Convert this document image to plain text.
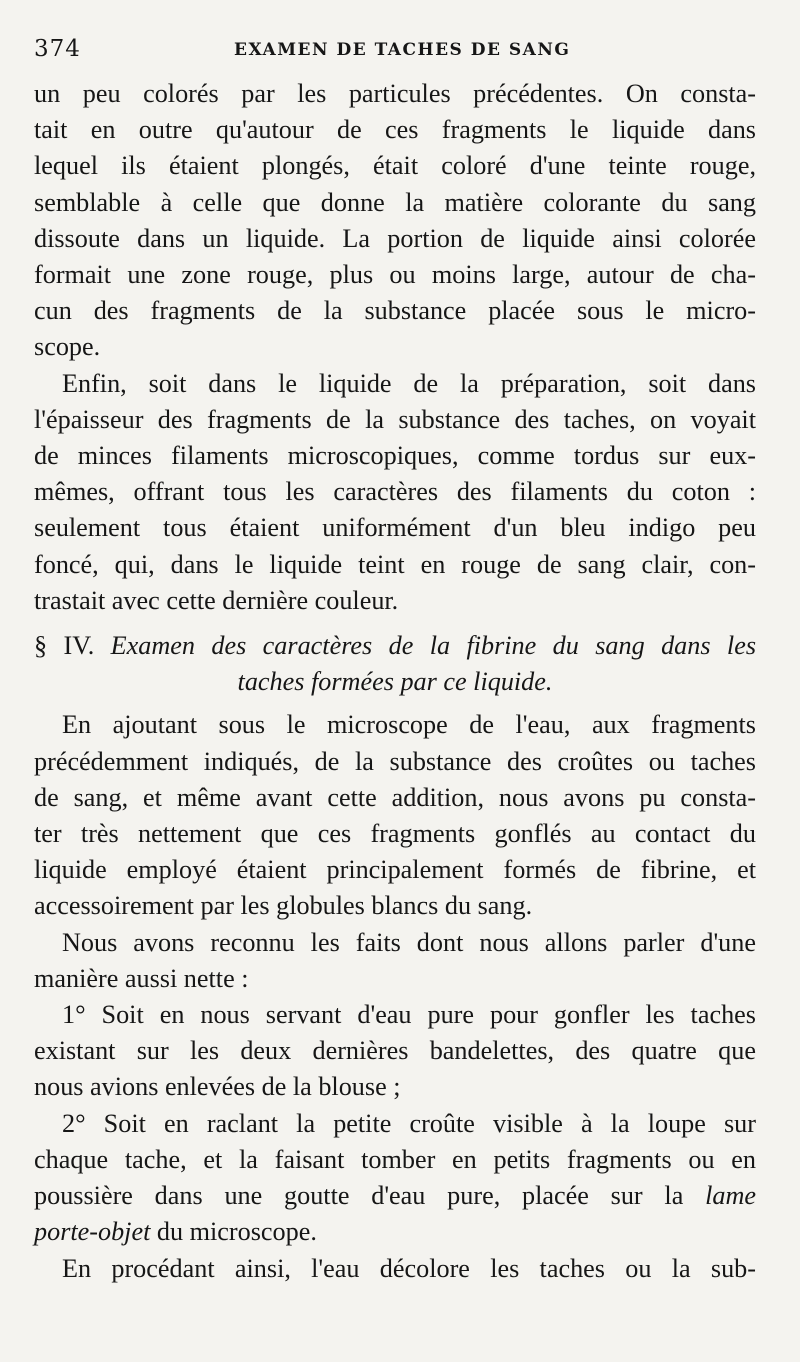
374	EXAMEN DE TACHES DE SANG

un peu colorés par les particules précédentes. On consta-

tait en outre qu'autour de ces fragments le liquide dans

lequel ils étaient plongés, était coloré d'une teinte rouge,

semblable à celle que donne la matière colorante du sang

dissoute dans un liquide. La portion de liquide ainsi colorée

formait une zone rouge, plus ou moins large, autour de cha-

cun des fragments de la substance placée sous le micro-

scope.

Enfin, soit dans le liquide de la préparation, soit dans

l'épaisseur des fragments de la substance des taches, on voyait

de minces filaments microscopiques, comme tordus sur eux-

mêmes, offrant tous les caractères des filaments du coton :

seulement tous étaient uniformément d'un bleu indigo peu

foncé, qui, dans le liquide teint en rouge de sang clair, con-

trastait avec cette dernière couleur.

§ IV. Examen des caractères de la fibrine du sang dans les
taches formées par ce liquide.

En ajoutant sous le microscope de l'eau, aux fragments

précédemment indiqués, de la substance des croûtes ou taches

de sang, et même avant cette addition, nous avons pu consta-

ter très nettement que ces fragments gonflés au contact du

liquide employé étaient principalement formés de fibrine, et

accessoirement par les globules blancs du sang.

Nous avons reconnu les faits dont nous allons parler d'une

manière aussi nette :

1° Soit en nous servant d'eau pure pour gonfler les taches

existant sur les deux dernières bandelettes, des quatre que

nous avions enlevées de la blouse ;

2° Soit en raclant la petite croûte visible à la loupe sur

chaque tache, et la faisant tomber en petits fragments ou en

poussière dans une goutte d'eau pure, placée sur la lame

porte-objet du microscope.

En procédant ainsi, l'eau décolore les taches ou la sub-
